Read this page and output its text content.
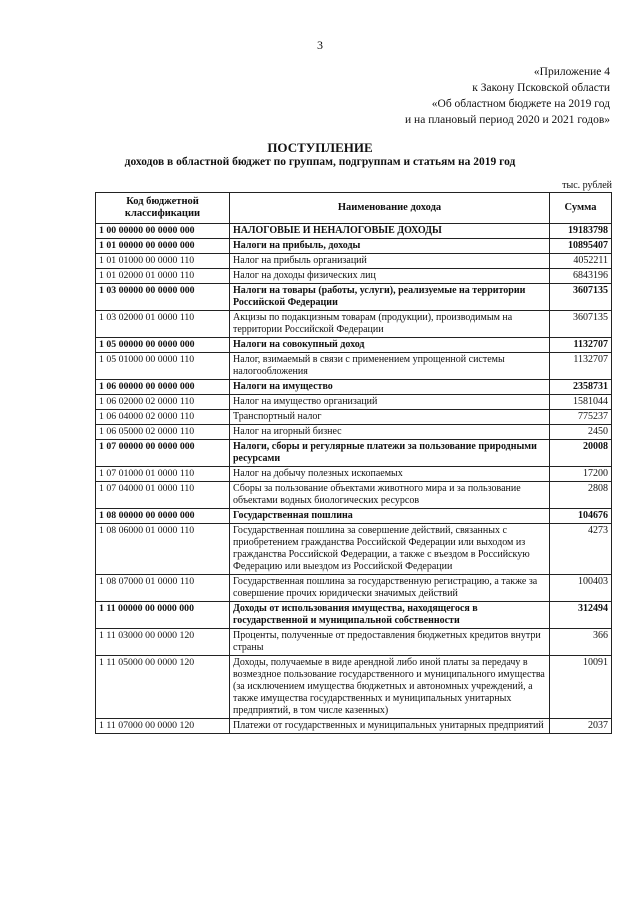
3
«Приложение 4
к Закону Псковской области
«Об областном бюджете на 2019 год
и на плановый период 2020 и 2021 годов»
ПОСТУПЛЕНИЕ
доходов в областной бюджет по группам, подгруппам и статьям на 2019 год
тыс. рублей
Код бюджетной классификации	Наименование дохода	Сумма
1 00 00000 00 0000 000	НАЛОГОВЫЕ И НЕНАЛОГОВЫЕ ДОХОДЫ	19183798
1 01 00000 00 0000 000	Налоги на прибыль, доходы	10895407
1 01 01000 00 0000 110	Налог на прибыль организаций	4052211
1 01 02000 01 0000 110	Налог на доходы физических лиц	6843196
1 03 00000 00 0000 000	Налоги на товары (работы, услуги), реализуемые на территории Российской Федерации	3607135
1 03 02000 01 0000 110	Акцизы по подакцизным товарам (продукции), производимым на территории Российской Федерации	3607135
1 05 00000 00 0000 000	Налоги на совокупный доход	1132707
1 05 01000 00 0000 110	Налог, взимаемый в связи с применением упрощенной системы налогообложения	1132707
1 06 00000 00 0000 000	Налоги на имущество	2358731
1 06 02000 02 0000 110	Налог на имущество организаций	1581044
1 06 04000 02 0000 110	Транспортный налог	775237
1 06 05000 02 0000 110	Налог на игорный бизнес	2450
1 07 00000 00 0000 000	Налоги, сборы и регулярные платежи за пользование природными ресурсами	20008
1 07 01000 01 0000 110	Налог на добычу полезных ископаемых	17200
1 07 04000 01 0000 110	Сборы за пользование объектами животного мира и за пользование объектами водных биологических ресурсов	2808
1 08 00000 00 0000 000	Государственная пошлина	104676
1 08 06000 01 0000 110	Государственная пошлина за совершение действий, связанных с приобретением гражданства Российской Федерации или выходом из гражданства Российской Федерации, а также с въездом в Российскую Федерацию или выездом из Российской Федерации	4273
1 08 07000 01 0000 110	Государственная пошлина за государственную регистрацию, а также за совершение прочих юридически значимых действий	100403
1 11 00000 00 0000 000	Доходы от использования имущества, находящегося в государственной и муниципальной собственности	312494
1 11 03000 00 0000 120	Проценты, полученные от предоставления бюджетных кредитов внутри страны	366
1 11 05000 00 0000 120	Доходы, получаемые в виде арендной либо иной платы за передачу в возмездное пользование государственного и муниципального имущества (за исключением имущества бюджетных и автономных учреждений, а также имущества государственных и муниципальных унитарных предприятий, в том числе казенных)	10091
1 11 07000 00 0000 120	Платежи от государственных и муниципальных унитарных предприятий	2037
